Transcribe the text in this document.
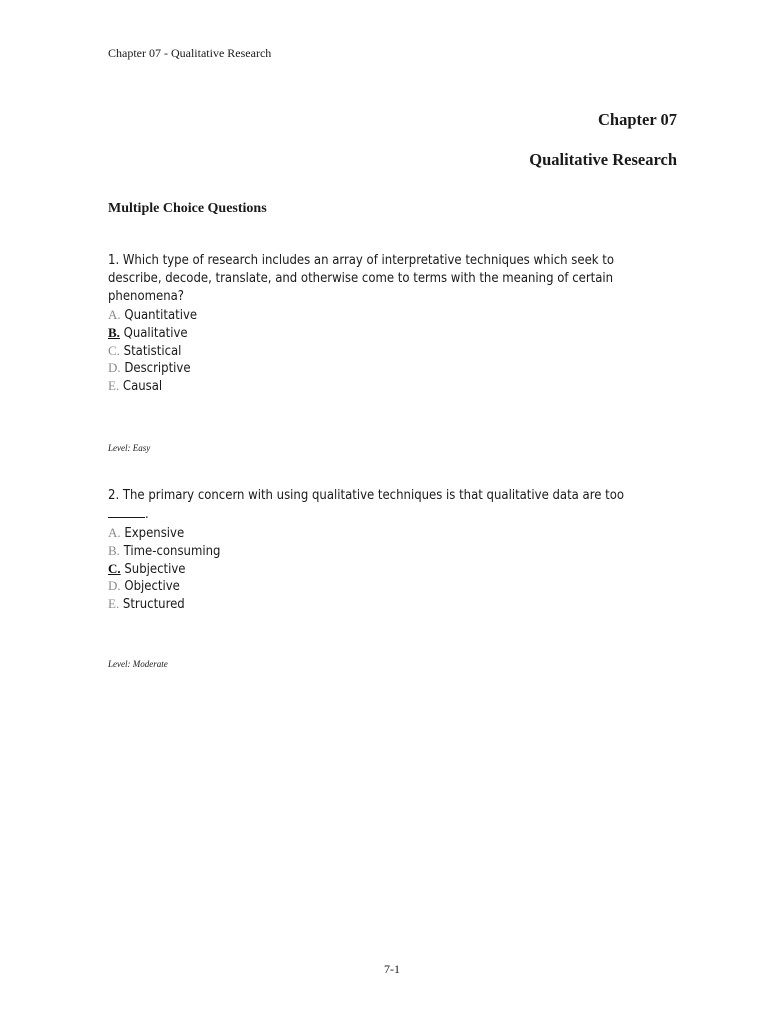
Chapter 07 - Qualitative Research
Chapter 07
Qualitative Research
Multiple Choice Questions

1. Which type of research includes an array of interpretative techniques which seek to describe, decode, translate, and otherwise come to terms with the meaning of certain phenomena?

A. Quantitative
B. Qualitative
C. Statistical
D. Descriptive
E. Causal
Level: Easy

2. The primary concern with using qualitative techniques is that qualitative data are too
.

A. Expensive
B. Time-consuming
C. Subjective
D. Objective
E. Structured
Level: Moderate
7-1
